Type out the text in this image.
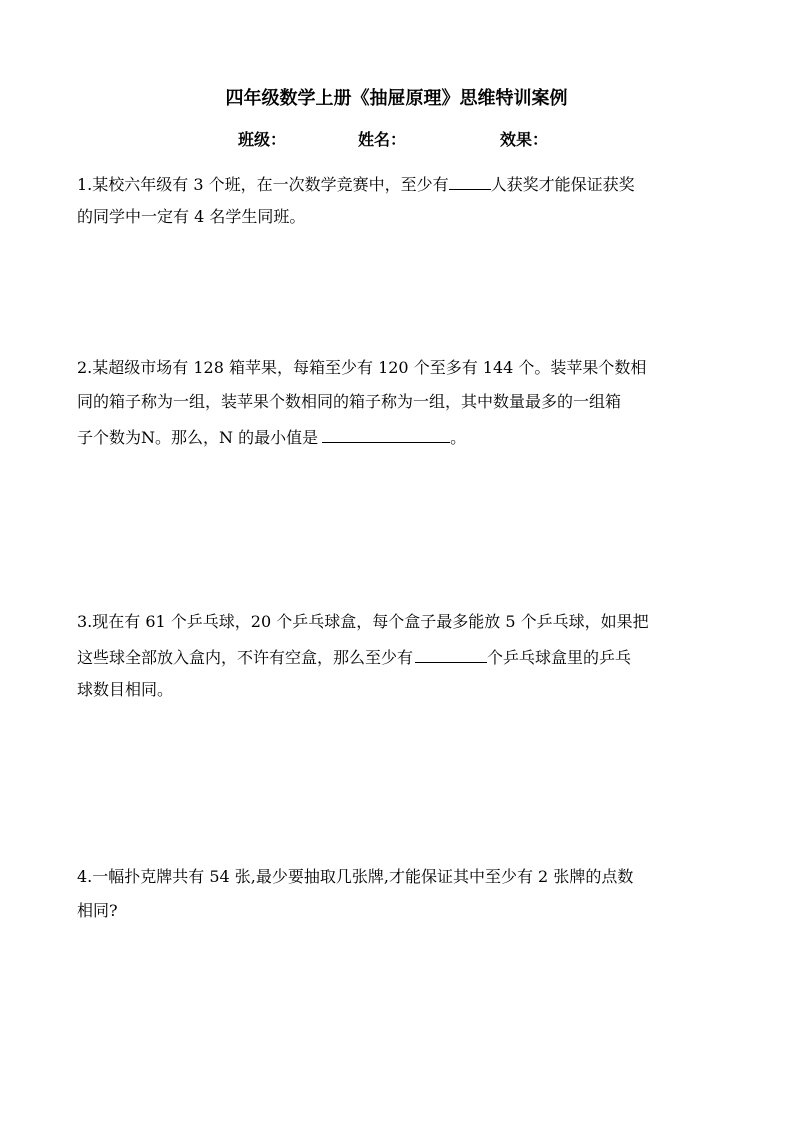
四年级数学上册《抽屉原理》思维特训案例
班级：	姓名：	效果：
1.某校六年级有 3 个班，在一次数学竞赛中，至少有	人获奖才能保证获奖
的同学中一定有 4 名学生同班。
2.某超级市场有 128 箱苹果，每箱至少有 120 个至多有 144 个。装苹果个数相
同的箱子称为一组，装苹果个数相同的箱子称为一组，其中数量最多的一组箱
子个数为N。那么，N 的最小值是	。
3.现在有 61 个乒乓球，20 个乒乓球盒，每个盒子最多能放 5 个乒乓球，如果把
这些球全部放入盒内，不许有空盒，那么至少有	个乒乓球盒里的乒乓
球数目相同。
4.一幅扑克牌共有 54 张,最少要抽取几张牌,才能保证其中至少有 2 张牌的点数
相同?
